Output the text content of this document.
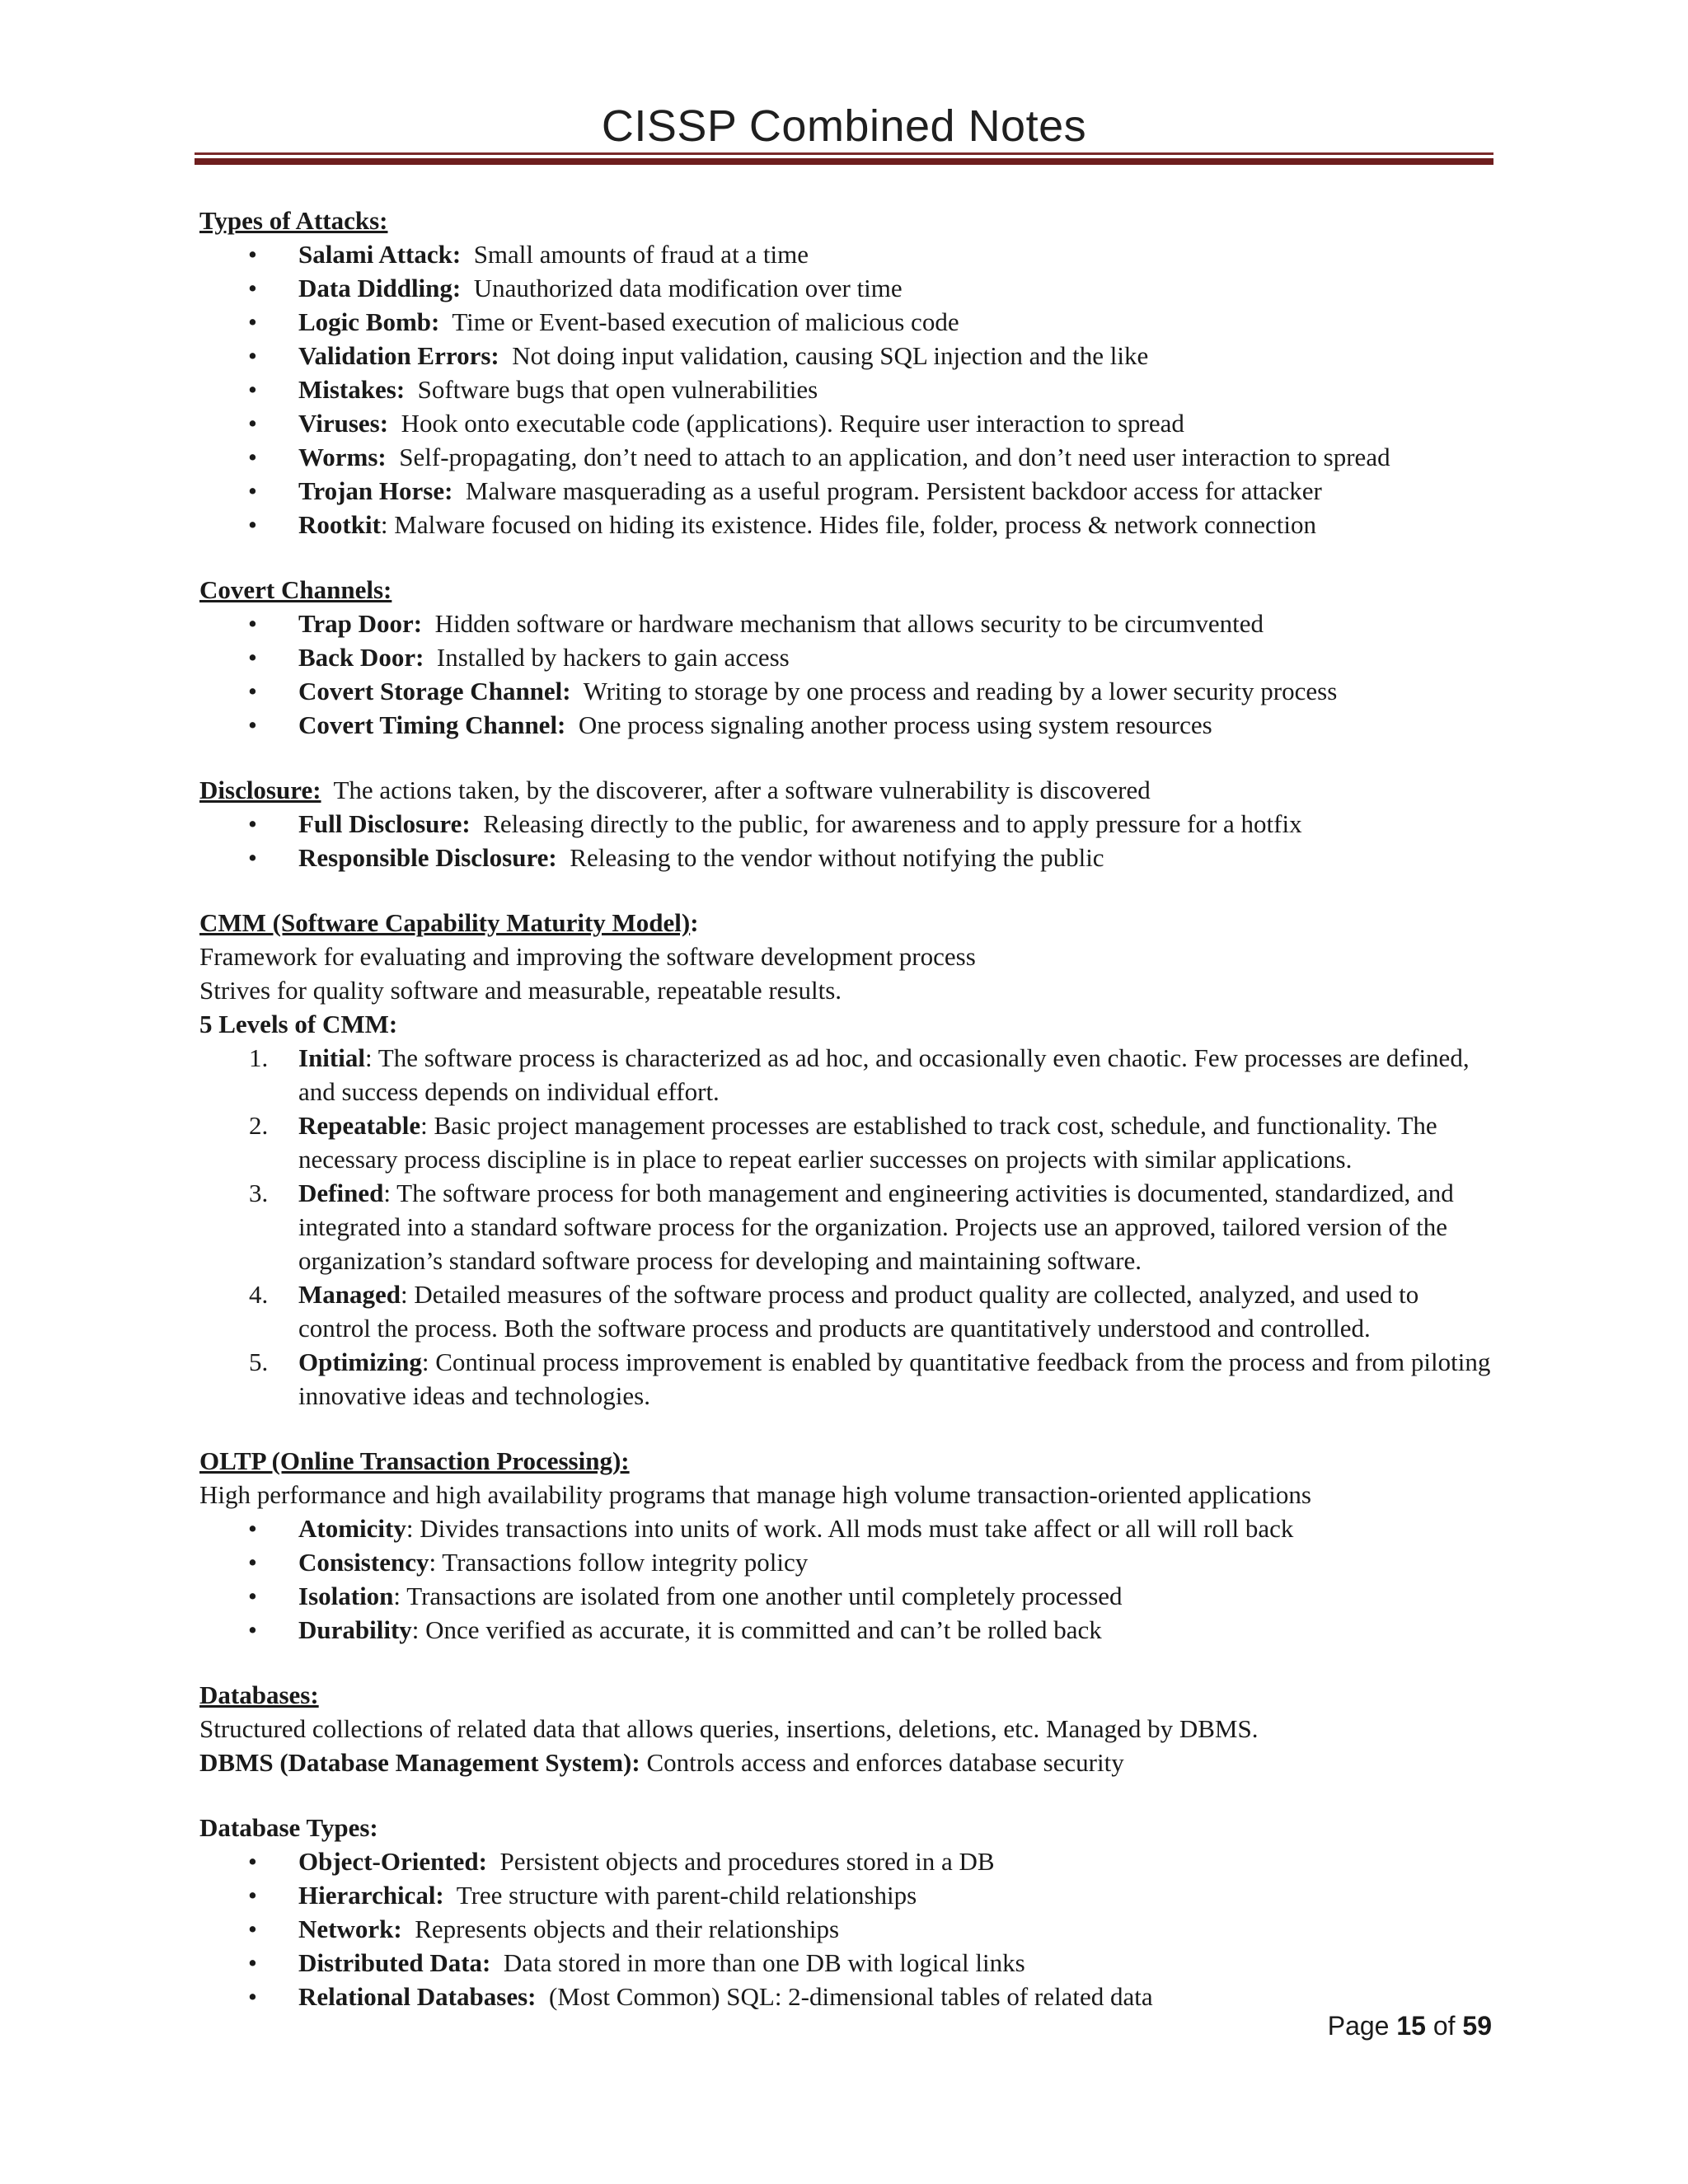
CISSP Combined Notes
Types of Attacks:
• Salami Attack: Small amounts of fraud at a time
• Data Diddling: Unauthorized data modification over time
• Logic Bomb: Time or Event-based execution of malicious code
• Validation Errors: Not doing input validation, causing SQL injection and the like
• Mistakes: Software bugs that open vulnerabilities
• Viruses: Hook onto executable code (applications). Require user interaction to spread
• Worms: Self-propagating, don’t need to attach to an application, and don’t need user interaction to spread
• Trojan Horse: Malware masquerading as a useful program. Persistent backdoor access for attacker
• Rootkit: Malware focused on hiding its existence. Hides file, folder, process & network connection
Covert Channels:
• Trap Door: Hidden software or hardware mechanism that allows security to be circumvented
• Back Door: Installed by hackers to gain access
• Covert Storage Channel: Writing to storage by one process and reading by a lower security process
• Covert Timing Channel: One process signaling another process using system resources
Disclosure: The actions taken, by the discoverer, after a software vulnerability is discovered
• Full Disclosure: Releasing directly to the public, for awareness and to apply pressure for a hotfix
• Responsible Disclosure: Releasing to the vendor without notifying the public
CMM (Software Capability Maturity Model):
Framework for evaluating and improving the software development process
Strives for quality software and measurable, repeatable results.
5 Levels of CMM:
1. Initial: The software process is characterized as ad hoc, and occasionally even chaotic. Few processes are defined, and success depends on individual effort.
2. Repeatable: Basic project management processes are established to track cost, schedule, and functionality. The necessary process discipline is in place to repeat earlier successes on projects with similar applications.
3. Defined: The software process for both management and engineering activities is documented, standardized, and integrated into a standard software process for the organization. Projects use an approved, tailored version of the organization’s standard software process for developing and maintaining software.
4. Managed: Detailed measures of the software process and product quality are collected, analyzed, and used to control the process. Both the software process and products are quantitatively understood and controlled.
5. Optimizing: Continual process improvement is enabled by quantitative feedback from the process and from piloting innovative ideas and technologies.
OLTP (Online Transaction Processing):
High performance and high availability programs that manage high volume transaction-oriented applications
• Atomicity: Divides transactions into units of work. All mods must take affect or all will roll back
• Consistency: Transactions follow integrity policy
• Isolation: Transactions are isolated from one another until completely processed
• Durability: Once verified as accurate, it is committed and can’t be rolled back
Databases:
Structured collections of related data that allows queries, insertions, deletions, etc. Managed by DBMS.
DBMS (Database Management System): Controls access and enforces database security
Database Types:
• Object-Oriented: Persistent objects and procedures stored in a DB
• Hierarchical: Tree structure with parent-child relationships
• Network: Represents objects and their relationships
• Distributed Data: Data stored in more than one DB with logical links
• Relational Databases: (Most Common) SQL: 2-dimensional tables of related data
Page 15 of 59
